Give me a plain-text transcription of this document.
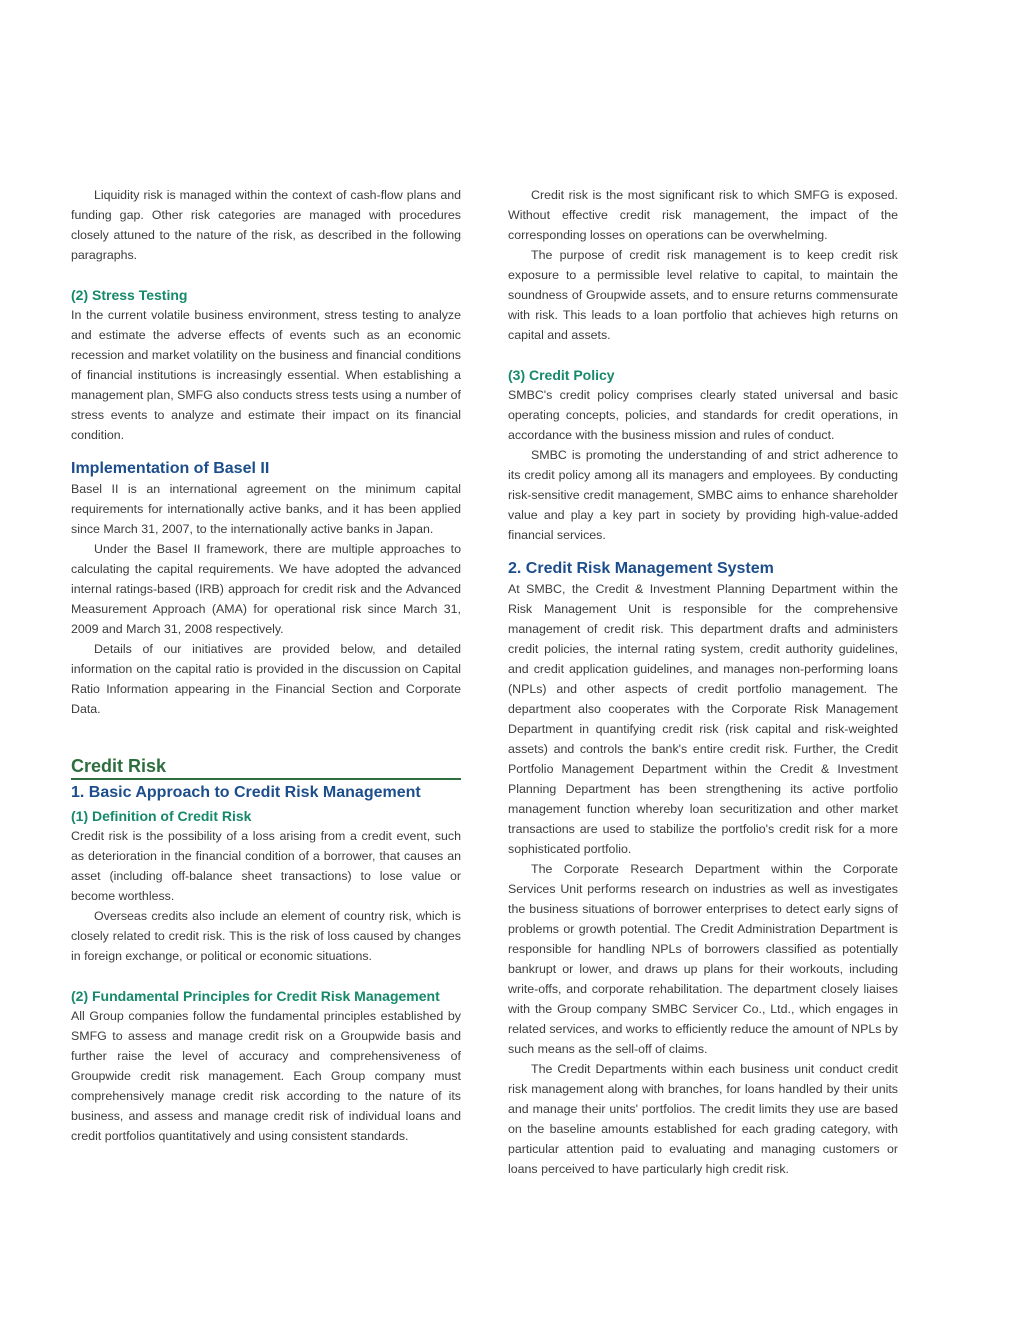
Liquidity risk is managed within the context of cash-flow plans and funding gap. Other risk categories are managed with procedures closely attuned to the nature of the risk, as described in the following paragraphs.

(2) Stress Testing

In the current volatile business environment, stress testing to analyze and estimate the adverse effects of events such as an economic recession and market volatility on the business and financial conditions of financial institutions is increasingly essential. When establishing a management plan, SMFG also conducts stress tests using a number of stress events to analyze and estimate their impact on its financial condition.

Implementation of Basel II

Basel II is an international agreement on the minimum capital requirements for internationally active banks, and it has been applied since March 31, 2007, to the internationally active banks in Japan.

Under the Basel II framework, there are multiple approaches to calculating the capital requirements. We have adopted the advanced internal ratings-based (IRB) approach for credit risk and the Advanced Measurement Approach (AMA) for operational risk since March 31, 2009 and March 31, 2008 respectively.

Details of our initiatives are provided below, and detailed information on the capital ratio is provided in the discussion on Capital Ratio Information appearing in the Financial Section and Corporate Data.

Credit Risk
1. Basic Approach to Credit Risk Management
(1) Definition of Credit Risk

Credit risk is the possibility of a loss arising from a credit event, such as deterioration in the financial condition of a borrower, that causes an asset (including off-balance sheet transactions) to lose value or become worthless.

Overseas credits also include an element of country risk, which is closely related to credit risk. This is the risk of loss caused by changes in foreign exchange, or political or economic situations.

(2) Fundamental Principles for Credit Risk Management

All Group companies follow the fundamental principles established by SMFG to assess and manage credit risk on a Groupwide basis and further raise the level of accuracy and comprehensiveness of Groupwide credit risk management. Each Group company must comprehensively manage credit risk according to the nature of its business, and assess and manage credit risk of individual loans and credit portfolios quantitatively and using consistent standards.

Credit risk is the most significant risk to which SMFG is exposed. Without effective credit risk management, the impact of the corresponding losses on operations can be overwhelming.

The purpose of credit risk management is to keep credit risk exposure to a permissible level relative to capital, to maintain the soundness of Groupwide assets, and to ensure returns commensurate with risk. This leads to a loan portfolio that achieves high returns on capital and assets.

(3) Credit Policy

SMBC's credit policy comprises clearly stated universal and basic operating concepts, policies, and standards for credit operations, in accordance with the business mission and rules of conduct.

SMBC is promoting the understanding of and strict adherence to its credit policy among all its managers and employees. By conducting risk-sensitive credit management, SMBC aims to enhance shareholder value and play a key part in society by providing high-value-added financial services.

2. Credit Risk Management System

At SMBC, the Credit & Investment Planning Department within the Risk Management Unit is responsible for the comprehensive management of credit risk. This department drafts and administers credit policies, the internal rating system, credit authority guidelines, and credit application guidelines, and manages non-performing loans (NPLs) and other aspects of credit portfolio management. The department also cooperates with the Corporate Risk Management Department in quantifying credit risk (risk capital and risk-weighted assets) and controls the bank's entire credit risk. Further, the Credit Portfolio Management Department within the Credit & Investment Planning Department has been strengthening its active portfolio management function whereby loan securitization and other market transactions are used to stabilize the portfolio's credit risk for a more sophisticated portfolio.

The Corporate Research Department within the Corporate Services Unit performs research on industries as well as investigates the business situations of borrower enterprises to detect early signs of problems or growth potential. The Credit Administration Department is responsible for handling NPLs of borrowers classified as potentially bankrupt or lower, and draws up plans for their workouts, including write-offs, and corporate rehabilitation. The department closely liaises with the Group company SMBC Servicer Co., Ltd., which engages in related services, and works to efficiently reduce the amount of NPLs by such means as the sell-off of claims.

The Credit Departments within each business unit conduct credit risk management along with branches, for loans handled by their units and manage their units' portfolios. The credit limits they use are based on the baseline amounts established for each grading category, with particular attention paid to evaluating and managing customers or loans perceived to have particularly high credit risk.
